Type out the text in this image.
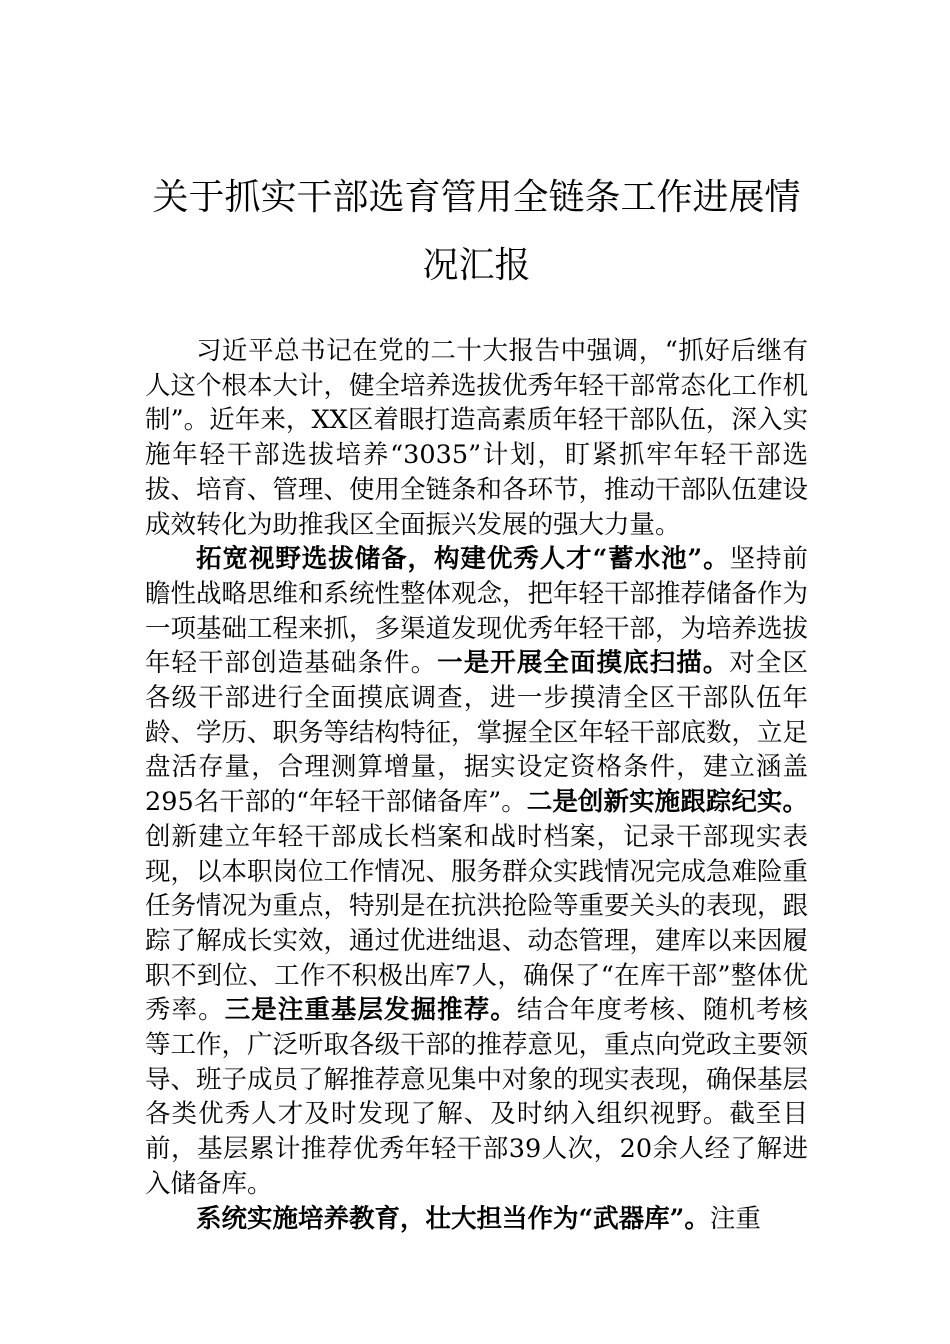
关于抓实干部选育管用全链条工作进展情
况汇报

习近平总书记在党的二十大报告中强调，“抓好后继有人这个根本大计，健全培养选拔优秀年轻干部常态化工作机制”。近年来，XX区着眼打造高素质年轻干部队伍，深入实施年轻干部选拔培养“3035”计划，盯紧抓牢年轻干部选拔、培育、管理、使用全链条和各环节，推动干部队伍建设成效转化为助推我区全面振兴发展的强大力量。

拓宽视野选拔储备，构建优秀人才“蓄水池”。坚持前瞻性战略思维和系统性整体观念，把年轻干部推荐储备作为一项基础工程来抓，多渠道发现优秀年轻干部，为培养选拔年轻干部创造基础条件。一是开展全面摸底扫描。对全区各级干部进行全面摸底调查，进一步摸清全区干部队伍年龄、学历、职务等结构特征，掌握全区年轻干部底数，立足盘活存量，合理测算增量，据实设定资格条件，建立涵盖295名干部的“年轻干部储备库”。二是创新实施跟踪纪实。创新建立年轻干部成长档案和战时档案，记录干部现实表现，以本职岗位工作情况、服务群众实践情况完成急难险重任务情况为重点，特别是在抗洪抢险等重要关头的表现，跟踪了解成长实效，通过优进绌退、动态管理，建库以来因履职不到位、工作不积极出库7人，确保了“在库干部”整体优秀率。三是注重基层发掘推荐。结合年度考核、随机考核等工作，广泛听取各级干部的推荐意见，重点向党政主要领导、班子成员了解推荐意见集中对象的现实表现，确保基层各类优秀人才及时发现了解、及时纳入组织视野。截至目前，基层累计推荐优秀年轻干部39人次，20余人经了解进入储备库。

系统实施培养教育，壮大担当作为“武器库”。注重
